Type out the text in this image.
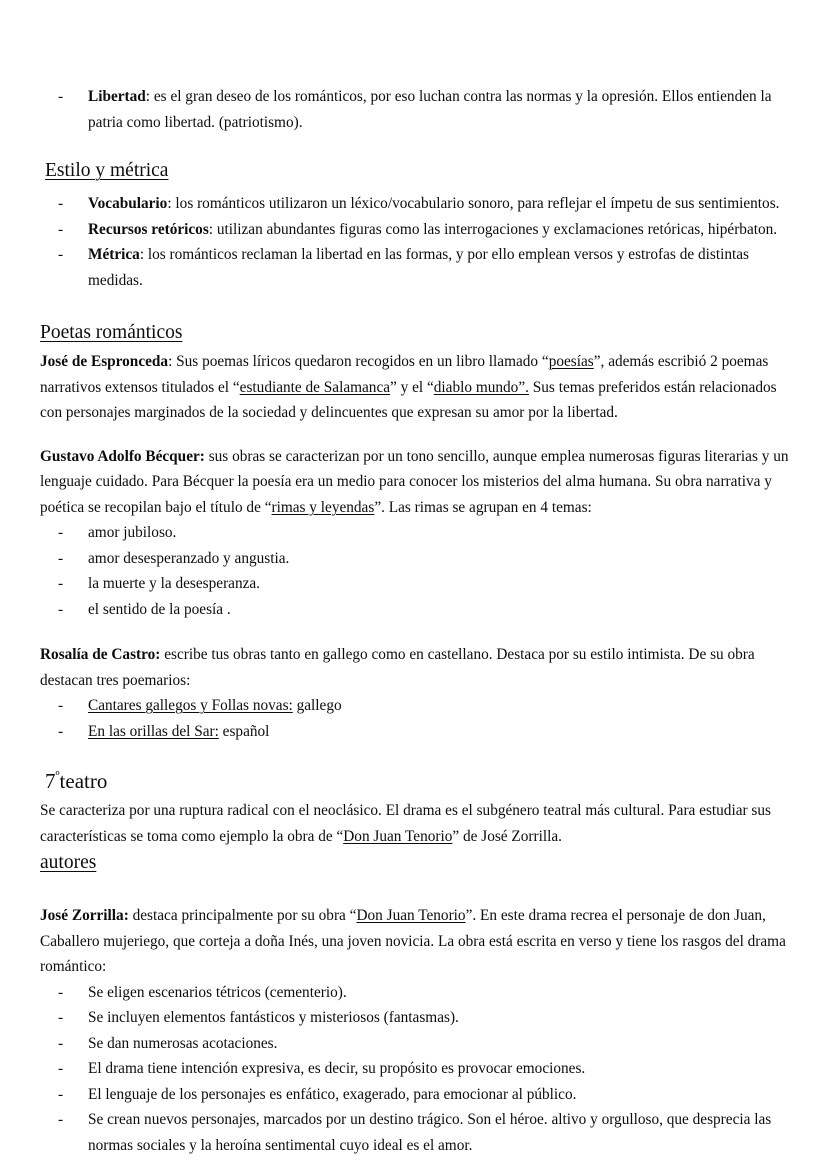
- Libertad: es el gran deseo de los románticos, por eso luchan contra las normas y la opresión. Ellos entienden la patria como libertad. (patriotismo).
Estilo y métrica
- Vocabulario: los románticos utilizaron un léxico/vocabulario sonoro, para reflejar el ímpetu de sus sentimientos.
- Recursos retóricos: utilizan abundantes figuras como las interrogaciones y exclamaciones retóricas, hipérbaton.
- Métrica: los románticos reclaman la libertad en las formas, y por ello emplean versos y estrofas de distintas medidas.
Poetas románticos

José de Espronceda: Sus poemas líricos quedaron recogidos en un libro llamado “poesías”, además escribió 2 poemas narrativos extensos titulados el “estudiante de Salamanca” y el “diablo mundo”. Sus temas preferidos están relacionados con personajes marginados de la sociedad y delincuentes que expresan su amor por la libertad.

Gustavo Adolfo Bécquer: sus obras se caracterizan por un tono sencillo, aunque emplea numerosas figuras literarias y un lenguaje cuidado. Para Bécquer la poesía era un medio para conocer los misterios del alma humana. Su obra narrativa y poética se recopilan bajo el título de “rimas y leyendas”. Las rimas se agrupan en 4 temas:

- amor jubiloso.
- amor desesperanzado y angustia.
- la muerte y la desesperanza.
- el sentido de la poesía .

Rosalía de Castro: escribe tus obras tanto en gallego como en castellano. Destaca por su estilo intimista. De su obra destacan tres poemarios:

- Cantares gallegos y Follas novas: gallego
- En las orillas del Sar: español
$7^ºteatro$

Se caracteriza por una ruptura radical con el neoclásico. El drama es el subgénero teatral más cultural. Para estudiar sus características se toma como ejemplo la obra de “Don Juan Tenorio” de José Zorrilla.

autores

José Zorrilla: destaca principalmente por su obra “Don Juan Tenorio”. En este drama recrea el personaje de don Juan, Caballero mujeriego, que corteja a doña Inés, una joven novicia. La obra está escrita en verso y tiene los rasgos del drama romántico:

- Se eligen escenarios tétricos (cementerio).
- Se incluyen elementos fantásticos y misteriosos (fantasmas).
- Se dan numerosas acotaciones.
- El drama tiene intención expresiva, es decir, su propósito es provocar emociones.
- El lenguaje de los personajes es enfático, exagerado, para emocionar al público.
- Se crean nuevos personajes, marcados por un destino trágico. Son el héroe. altivo y orgulloso, que desprecia las normas sociales y la heroína sentimental cuyo ideal es el amor.
